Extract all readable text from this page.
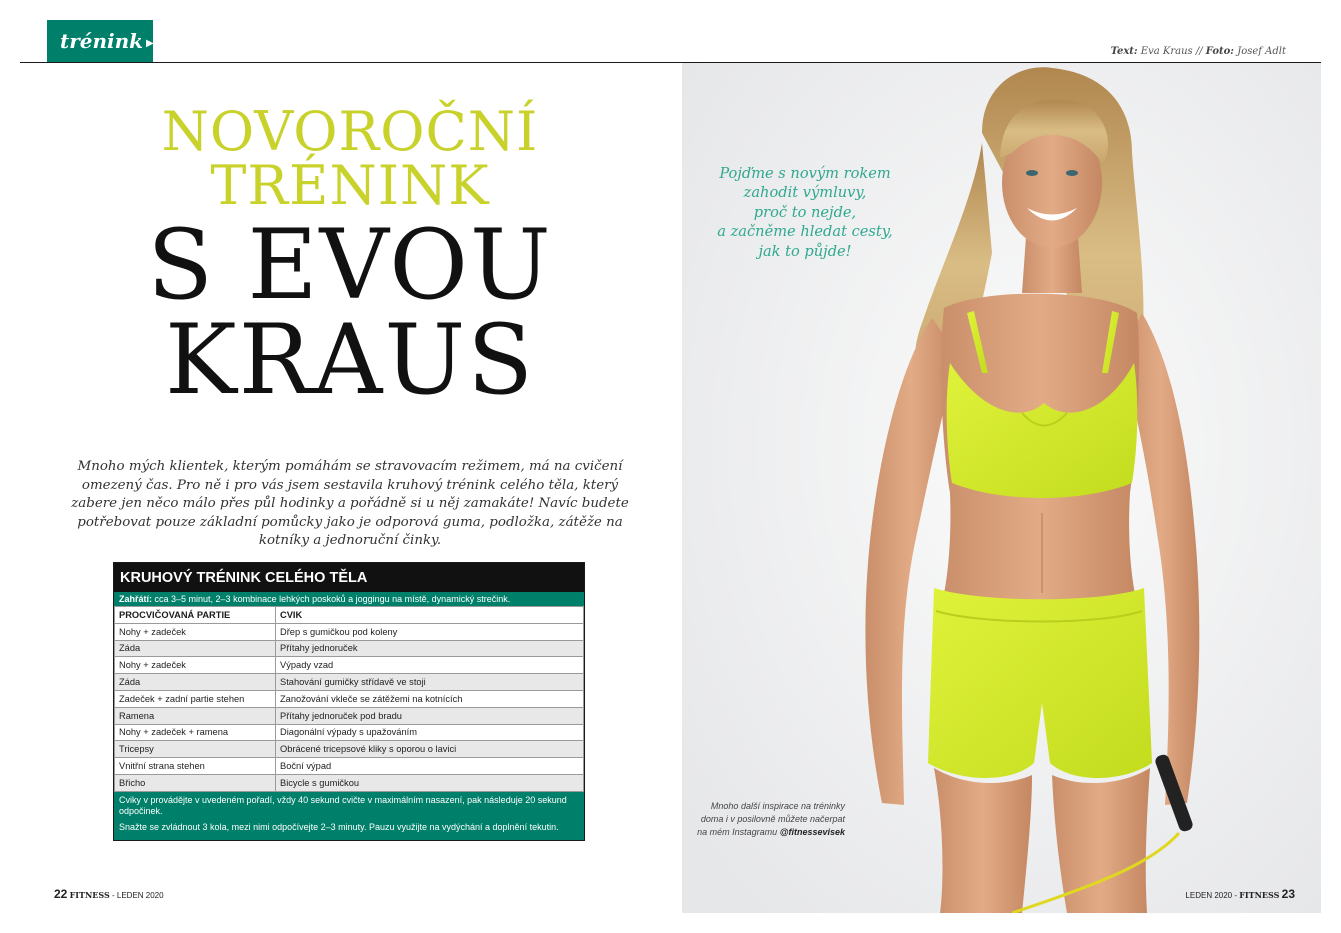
trénink ▶
Text: Eva Kraus // Foto: Josef Adlt
NOVOROČNÍ
TRÉNINK
S EVOU
KRAUS
Mnoho mých klientek, kterým pomáhám se stravovacím režimem, má na cvičení omezený čas. Pro ně i pro vás jsem sestavila kruhový trénink celého těla, který zabere jen něco málo přes půl hodinky a pořádně si u něj zamakáte! Navíc budete potřebovat pouze základní pomůcky jako je odporová guma, podložka, zátěže na kotníky a jednoruční činky.
KRUHOVÝ TRÉNINK CELÉHO TĚLA
Zahřátí: cca 3–5 minut, 2–3 kombinace lehkých poskoků a joggingu na místě, dynamický strečink.
PROCVIČOVANÁ PARTIE	CVIK
Nohy + zadeček	Dřep s gumičkou pod koleny
Záda	Přítahy jednoruček
Nohy + zadeček	Výpady vzad
Záda	Stahování gumičky střídavě ve stoji
Zadeček + zadní partie stehen	Zanožování vkleče se zátěžemi na kotnících
Ramena	Přítahy jednoruček pod bradu
Nohy + zadeček + ramena	Diagonální výpady s upažováním
Tricepsy	Obrácené tricepsové kliky s oporou o lavici
Vnitřní strana stehen	Boční výpad
Břicho	Bicycle s gumičkou

Cviky v provádějte v uvedeném pořadí, vždy 40 sekund cvičte v maximálním nasazení, pak následuje 20 sekund odpočinek.

Snažte se zvládnout 3 kola, mezi nimi odpočívejte 2–3 minuty. Pauzu využijte na vydýchání a doplnění tekutin.

22 FITNESS - LEDEN 2020
Pojďme s novým rokem
zahodit výmluvy,
proč to nejde,
a začněme hledat cesty,
jak to půjde!
Mnoho další inspirace na tréninky doma i v posilovně můžete načerpat na mém Instagramu @fitnessevisek
LEDEN 2020 - FITNESS 23
